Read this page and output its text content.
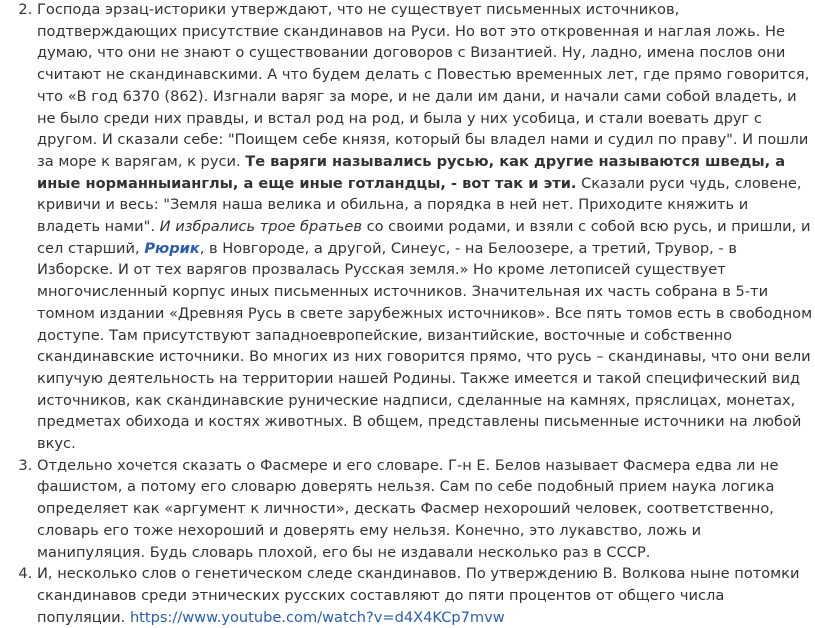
2. Господа эрзац-историки утверждают, что не существует письменных источников, подтверждающих присутствие скандинавов на Руси. Но вот это откровенная и наглая ложь. Не думаю, что они не знают о существовании договоров с Византией. Ну, ладно, имена послов они считают не скандинавскими. А что будем делать с Повестью временных лет, где прямо говорится, что «В год 6370 (862). Изгнали варяг за море, и не дали им дани, и начали сами собой владеть, и не было среди них правды, и встал род на род, и была у них усобица, и стали воевать друг с другом. И сказали себе: "Поищем себе князя, который бы владел нами и судил по праву". И пошли за море к варягам, к руси. Те варяги назывались русью, как другие называются шведы, а иные норманныианглы, а еще иные готландцы, - вот так и эти. Сказали руси чудь, словене, кривичи и весь: "Земля наша велика и обильна, а порядка в ней нет. Приходите княжить и владеть нами". И избрались трое братьев со своими родами, и взяли с собой всю русь, и пришли, и сел старший, Рюрик, в Новгороде, а другой, Синеус, - на Белоозере, а третий, Трувор, - в Изборске. И от тех варягов прозвалась Русская земля.» Но кроме летописей существует многочисленный корпус иных письменных источников. Значительная их часть собрана в 5-ти томном издании «Древняя Русь в свете зарубежных источников». Все пять томов есть в свободном доступе. Там присутствуют западноевропейские, византийские, восточные и собственно скандинавские источники. Во многих из них говорится прямо, что русь – скандинавы, что они вели кипучую деятельность на территории нашей Родины. Также имеется и такой специфический вид источников, как скандинавские рунические надписи, сделанные на камнях, пряслицах, монетах, предметах обихода и костях животных. В общем, представлены письменные источники на любой вкус.
3. Отдельно хочется сказать о Фасмере и его словаре. Г-н Е. Белов называет Фасмера едва ли не фашистом, а потому его словарю доверять нельзя. Сам по себе подобный прием наука логика определяет как «аргумент к личности», дескать Фасмер нехороший человек, соответственно, словарь его тоже нехороший и доверять ему нельзя. Конечно, это лукавство, ложь и манипуляция. Будь словарь плохой, его бы не издавали несколько раз в СССР.
4. И, несколько слов о генетическом следе скандинавов. По утверждению В. Волкова ныне потомки скандинавов среди этнических русских составляют до пяти процентов от общего числа популяции. https://www.youtube.com/watch?v=d4X4KCp7mvw
